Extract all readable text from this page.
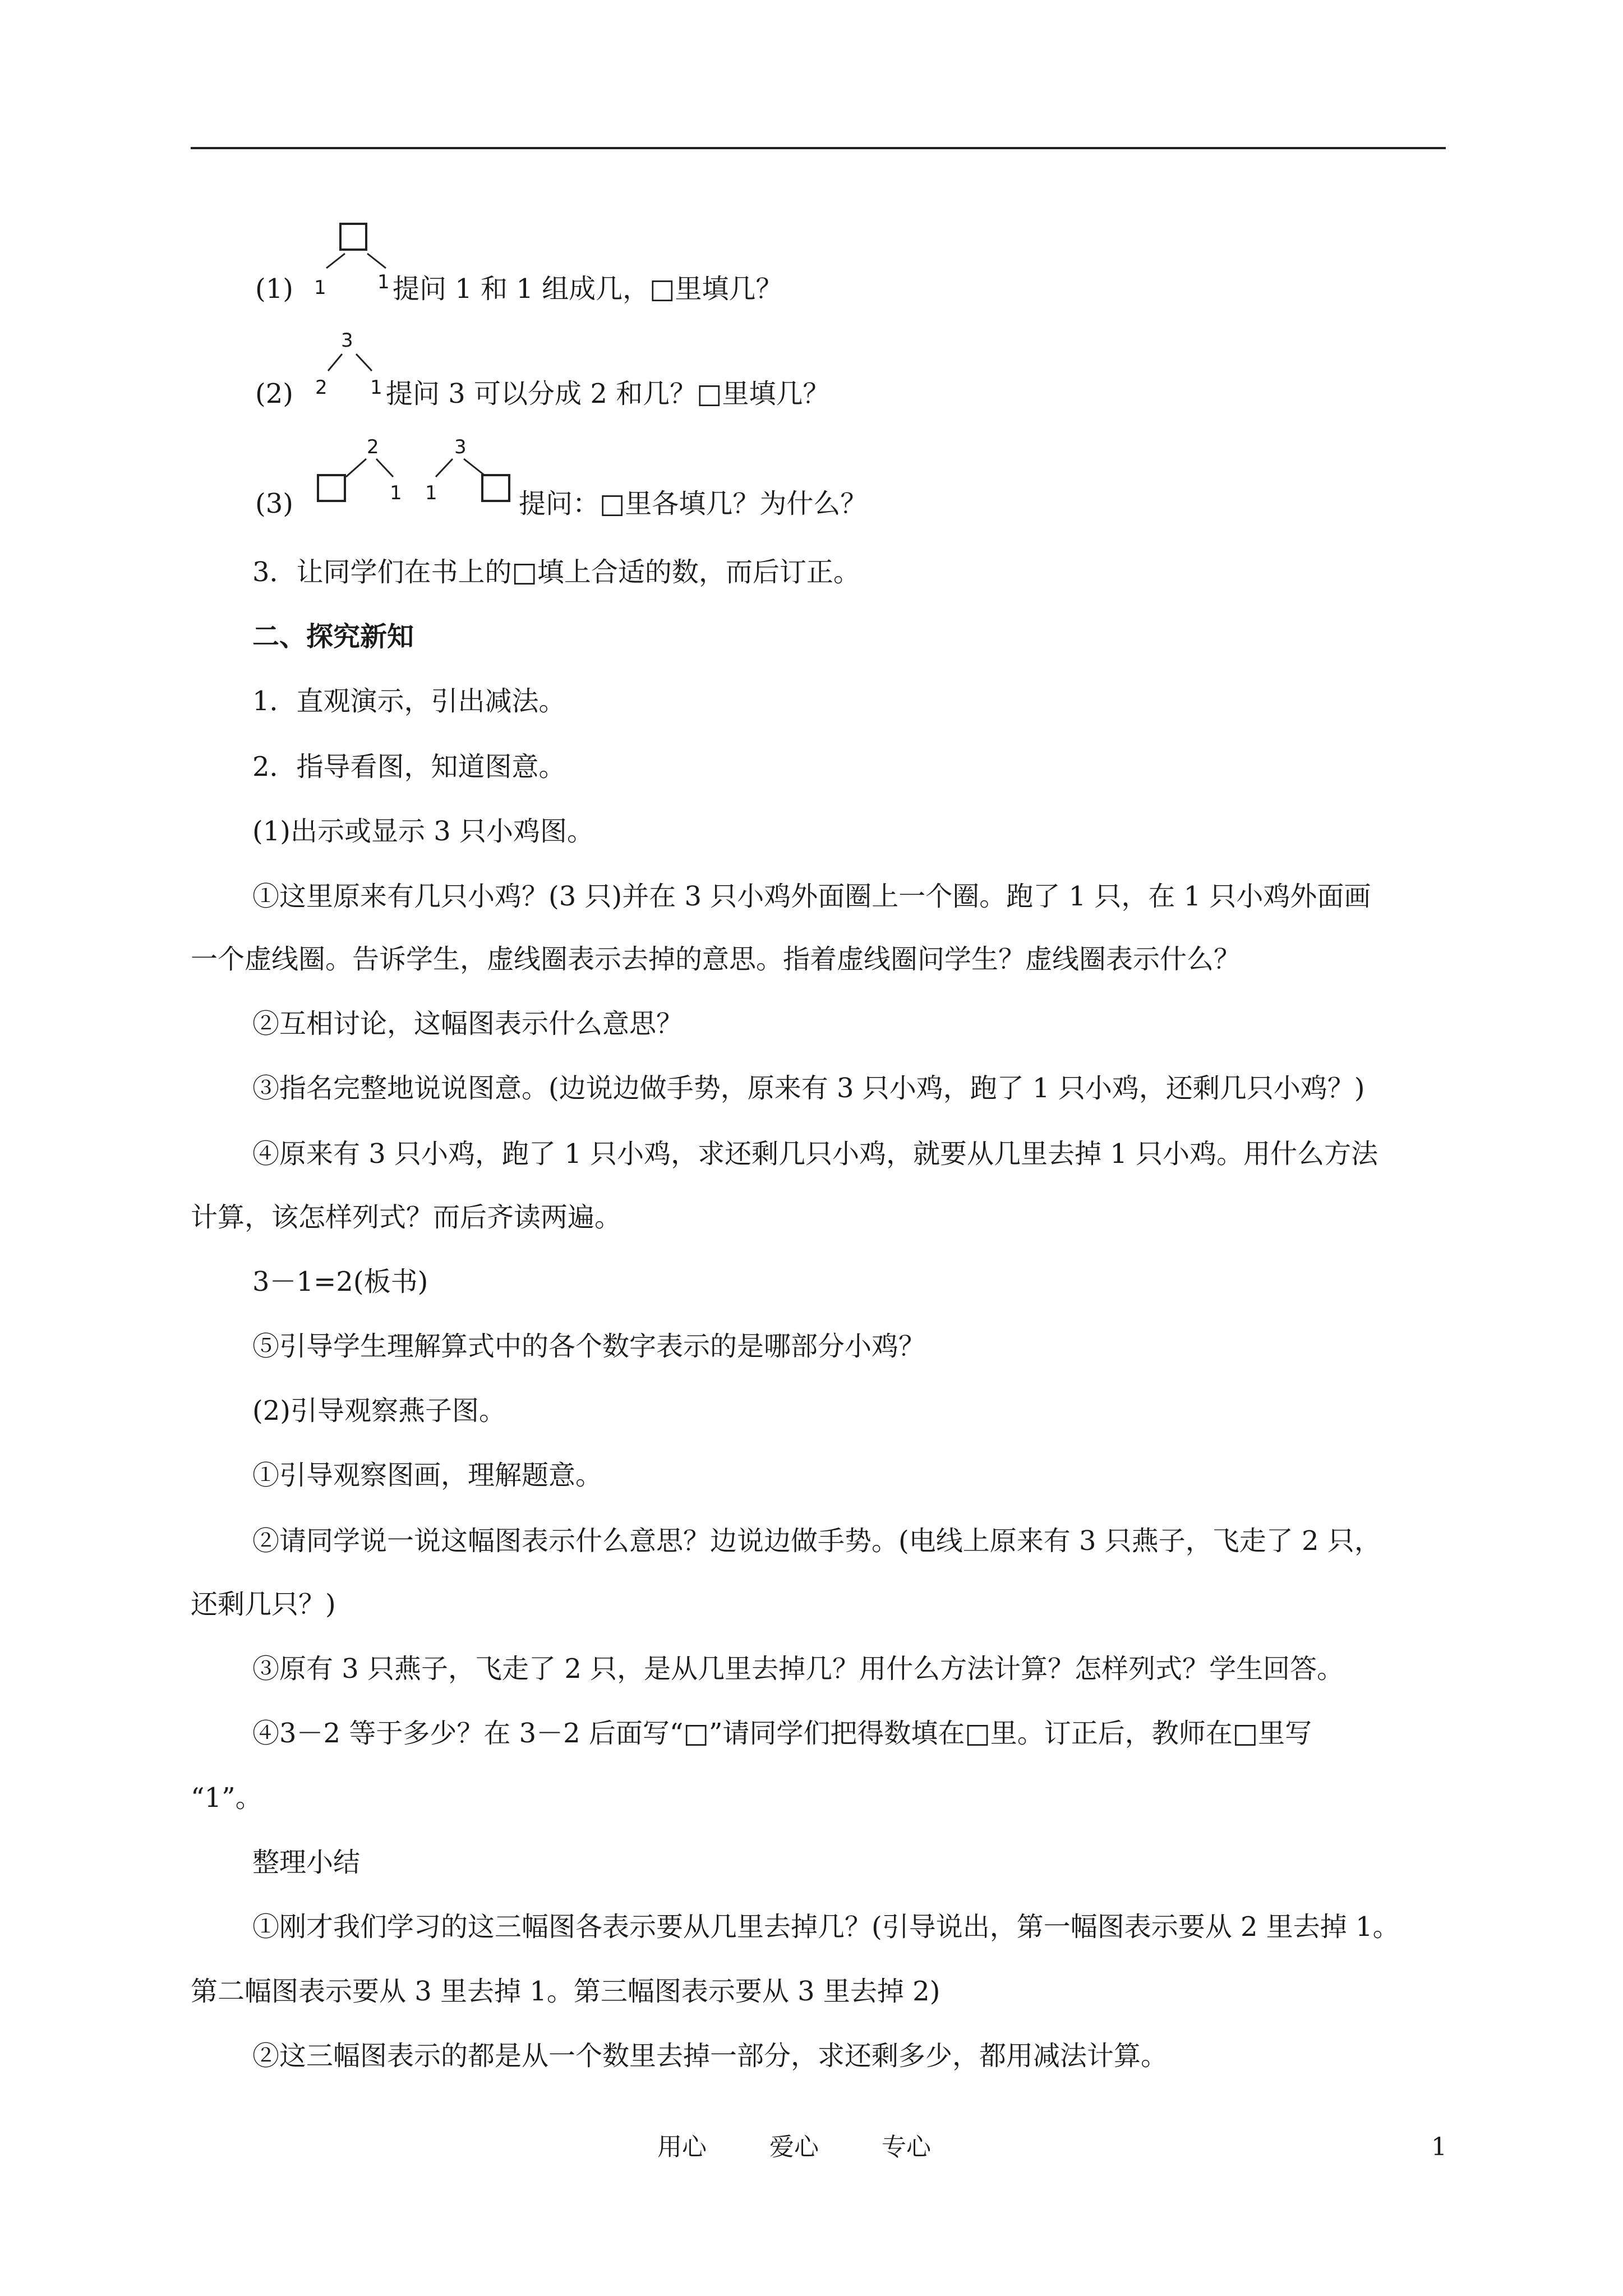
(1) 1	1 提问 1 和 1 组成几，□里填几？
(2)
3
2 1 提问 3 可以分成 2 和几？□里填几？
(3)
2
1
3
1	提问：□里各填几？为什么？
3．让同学们在书上的□填上合适的数，而后订正。
二、探究新知
1．直观演示，引出减法。
2．指导看图，知道图意。
(1)出示或显示 3 只小鸡图。
①这里原来有几只小鸡？(3 只)并在 3 只小鸡外面圈上一个圈。跑了 1 只，在 1 只小鸡外面画
一个虚线圈。告诉学生，虚线圈表示去掉的意思。指着虚线圈问学生？虚线圈表示什么？
②互相讨论，这幅图表示什么意思？
③指名完整地说说图意。(边说边做手势，原来有 3 只小鸡，跑了 1 只小鸡，还剩几只小鸡？)
④原来有 3 只小鸡，跑了 1 只小鸡，求还剩几只小鸡，就要从几里去掉 1 只小鸡。用什么方法
计算，该怎样列式？而后齐读两遍。
3－1=2(板书)
⑤引导学生理解算式中的各个数字表示的是哪部分小鸡？
(2)引导观察燕子图。
①引导观察图画，理解题意。
②请同学说一说这幅图表示什么意思？边说边做手势。(电线上原来有 3 只燕子，飞走了 2 只，
还剩几只？)
③原有 3 只燕子，飞走了 2 只，是从几里去掉几？用什么方法计算？怎样列式？学生回答。
④3－2 等于多少？在 3－2 后面写“□”请同学们把得数填在□里。订正后，教师在□里写
“1”。
整理小结
①刚才我们学习的这三幅图各表示要从几里去掉几？(引导说出，第一幅图表示要从 2 里去掉 1。
第二幅图表示要从 3 里去掉 1。第三幅图表示要从 3 里去掉 2)
②这三幅图表示的都是从一个数里去掉一部分，求还剩多少，都用减法计算。
用心	爱心	专心	1
